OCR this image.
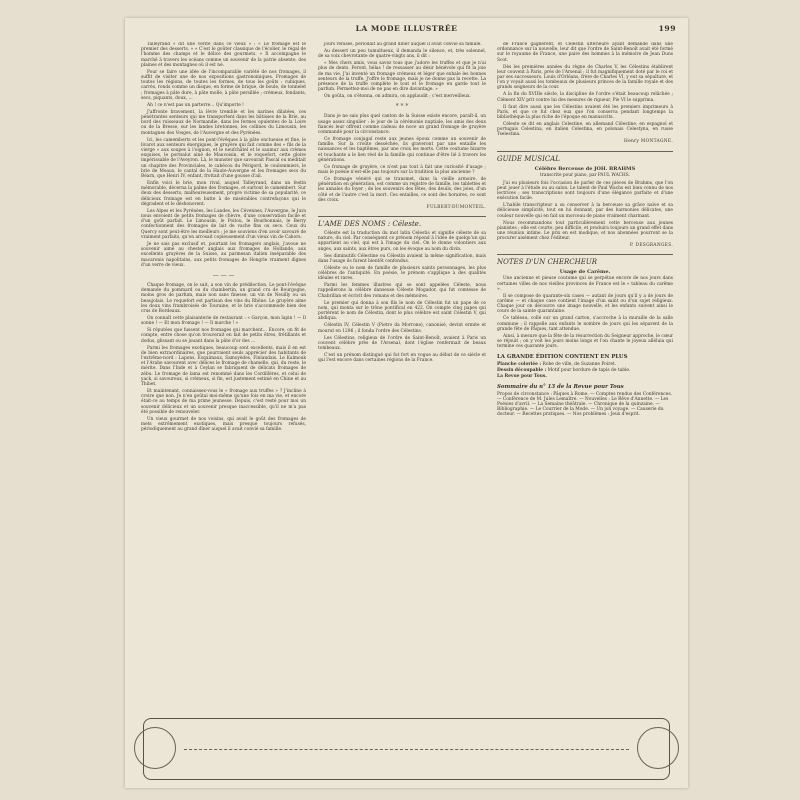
LA MODE ILLUSTRÉE	199

Talleyrand « dit une vérité dans ce vieux » : « Le fromage est le premier des desserts. » « C'est le goûter classique de l'écolier, le régal de l'homme des champs et le délice des gourmets. » Il accompagne le marché à travers les océans comme un souvenir de la patrie absente, des plaines et des montagnes où il est né.

Pour se faire une idée de l'incomparable variété de nos fromages, il suffit de visiter une de nos expositions gastronomiques. Fromages de toutes les régions, de toutes les formes, de tous les goûts : cubiques, carrés, ronds comme un disque, en forme de brique, de boule, de tonnelet ; fromages à pâte dure, à pâte molle, à pâte persillée ; crémeux, fondants, secs, piquants, doux, ...

Ah ! ce n'est pas un parterre… Qu'importe !

J'affronte bravement, la lèvre tremble et les narines dilatées, ces pénétrantes senteurs qui me transportent dans les bâtisses de la Brie, au bord des ruisseaux de Normandie, dans les fermes opulentes de la Loire ou de la Bresse, sur les landes bretonnes, les collines du Limousin, les montagnes des Vosges, de l'Auvergne et des Pyrénées.

Ici, les camemberts et les pont-l'évêques à la pâte onctueuse et fine, le livarot aux senteurs énergiques, le gruyère qui fait comme des « fils de la vierge » aux soupes à l'oignon, et le neufchâtel et le saumur aux crèmes exquises, le portsalut ainé de Mauvoisin, et le roquefort, cette gloire impérissable de l'Aveyron. Là, le munster que savourait Pascal ou méditait un chapitre des Provinciales, le cabécou du Périgord, le coulommiers, le brie de Meaux, le cantal de la Haute-Auvergne et les fromages secs du Béarn, que Henri IV, enfant, frottait d'une gousse d'ail.

Enfin voici le brie, mon rival, auquel Talleyrand, dans un festin mémorable, décerna la palme des fromages, et surtout le camembert. Sur deux des desserts, malheureusement, propre victime de sa popularité, ce délicieux fromage est en butte à de misérables contrefaçons qui le dégradent et le déshonorent.

Les Alpes et les Pyrénées, les Landes, les Cévennes, l'Auvergne, le Jura nous envoient de petits fromages de chèvre, d'une conservation facile et d'un goût parfait. Le Limousin, le Poitou, le Bourbonnais, le Berry confectionnent des fromages de lait de vache fins ou secs. Ceux du Quercy sont peut-être les meilleurs ; je me souviens d'en avoir savouré de vraiment parfaits, qu'on arrosait copieusement d'un vieux vin de Cahors.

Je ne sais pas exclusif et, pourtant les fromagers anglais, j'avoue ne souvenir aimé au chester anglais aux fromages de Hollande, aux excellents gruyères de la Suisse, au parmesan italien inséparable des macaronis napolitains, aux petits fromages de Hongrie vraiment dignes d'un verre de vieux.

— — —

Chaque fromage, on le sait, a son vin de prédilection. Le pont-l'évêque demande du pommard ou du chambertin, un grand cru de Bourgogne, moins gros de parfum, mais non sans finesse, un vin de Neuilly ou un beaujolais. Le roquefort est partisan des vins du Rhône. Le gruyère aime les doux vins frambroisés de Touraine, et le brie s'accommode bien des crus de Bordeaux.

On connaît cette plaisanterie de restaurant : « Garçon, mon lapin ! — Il sonne ! — Et mon fromage ! — Il marche ! »

Si réputées que fussent nos fromages qui marchent… Encore, on fit de compte, entre chose qu'on trouverait en fait de petits êtres, frétillants et dodus, glissant ou se jouant dans la pâte d'or des ...

Parmi les fromages exotiques, beaucoup sont excellents, mais il en est de bien extraordinaires, que pourraient seuls apprécier des habitants de l'extrême-nord : Lapons, Esquimaux, Samoyèdes, Finlandais. Le Kalmouk et l'Arabe savourent avec délices le fromage de chamelle, qui, du reste, le mérite. Dans l'Inde et à Ceylan se fabriquent de délicats fromages de zébu. Le fromage de lama est renommé dans les Cordillères, et celui de yack, si savoureux, si crémeux, si fin, est justement estimé en Chine et au Thibet.

Et maintenant, connaissez-vous le « fromage aux truffes » ? J'incline à croire que non. Je n'en goûtai moi-même qu'une fois en ma vie, et encore était-ce au temps de ma prime jeunesse. Depuis, c'est resté pour moi un souvenir délicieux et un souvenir presque inaccessible, qu'il ne m'a pas été possible de renouveler.

Un vieux gourmet de nos voisins, qui avait le goût des fromages de mets extrêmement exotiques, mais presque toujours refusés, périodiquement au grand dîner auquel il avait convié sa famille.

jours refusés, périodait au grand dîner auquel il avait convié sa famille.

Au dessert un peu tumultueux, il demanda le silence, et, très solennel, de sa voix chevrotante de quatre-vingts ans, il dit :

« Mes chers amis, vous savez tous que j'adore les truffes et que je n'ai plus de dents. Feront, hélas ! de ressasser au désir bénévole qui fit la joie de ma vie. J'ai inventé un fromage crémeux et léger que exhale les bonnes senteurs de la truffe. J'offre le fromage, mais je ne donne pas la recette. La présence de la truffe complète le tout et le fromage en garde tout le parfum. Permettez-moi de ne pas en dire davantage. »

On goûta, on s'étonna, on admira, on applaudit ; c'est merveilleux.

* * *

Dans je ne sais plus quel canton de la Suisse existe encore, paraît-il, un usage assez singulier : le jour de la cérémonie nuptiale, les amis des deux fiancés leur offrent comme cadeau de noce un grand fromage de gruyère commandé pour la circonstance.

Ce fromage conjugal reste aux jeunes époux comme un souvenir de famille. Sur la croûte desséchée, ils graveront par une entaille les naissances et les baptêmes, par une croix les morts. Cette coutume bizarre et touchante a le lien réel de la famille qui continue d'être lié à travers les générations.

Ce fromage de gruyère, ce n'est pas tout à fait une curiosité d'usage ; mais le poésie n'est-elle pas toujours sur la tradition la plus ancienne ?

Ce fromage vénéré qui se transmet, dans la vieille armoire, de génération en génération, est comme un registre de famille, les tablettes et les annales du foyer ; de les souvenirs des fêtes, des deuils, des joies, d'un côté et de l'autre c'est la mort. Ces entailles, ce sont des horaires, ce sont des croix.

FULBERT-DUMONTEIL.
L'AME DES NOMS : Céleste.

Céleste est la traduction du mot latin Celestis et signifie céleste de sa nature, du ciel. Par conséquent ce prénom répond à l'idée de quelqu'un qui appartient au ciel, qui est à l'image du ciel. On le donne volontiers aux anges, aux saints, aux êtres purs, on les évoque au nom du divin.

Ses diminutifs Célestine ou Célestin avaient la même signification, mais dans l'usage ils furent bientôt confondus.

Céleste ou le nom de famille de plusieurs saints personnages, les plus célèbres de l'antiquité. En poésie, le prénom s'applique à des qualités idéales et rares.

Parmi les femmes illustres qui se sont appelées Céleste, nous rappellerons la célèbre danseuse Céleste Mogador, qui fut comtesse de Chabrillan et écrivit des romans et des mémoires.

Le premier qui donna à son fils le nom de Célestin fut un pape de ce nom, qui monta sur le trône pontifical en 422. On compte cinq papes qui portèrent le nom de Célestin, dont le plus célèbre est saint Célestin V, qui abdiqua.

Célestin IV, Célestin V (Pietro da Morrone), canonisé, devint ermite et mourut en 1296 ; il fonda l'ordre des Célestins.

Les Célestins, religieux de l'ordre de Saint-Benoît, avaient à Paris un couvent célèbre près de l'Arsenal, dont l'église renfermait de beaux tombeaux.

C'est un prénom distingué qui fut fort en vogue au début de ce siècle et qui l'est encore dans certaines régions de la France.

de France gagnèrent, et Célestin ultérieure ayant demandé dans une ordonnance sur la nouvelle, leur dit que l'ordre de Saint-Benoît avait été formé sur le royaume de France, une paire des hommes à la mémoire de Jean Duns Scot.

Dès les premières années du règne de Charles V, les Célestins établirent leur couvent à Paris, près de l'Arsenal ; il fut magnifiquement doté par le roi et par ses successeurs. Louis d'Orléans, frère de Charles VI, y eut sa sépulture, et l'on y voyait aussi les tombeaux de plusieurs princes de la famille royale et des grands seigneurs de la cour.

A la fin du XVIIIe siècle, la discipline de l'ordre s'était beaucoup relâchée ; Clément XIV prit contre lui des mesures de rigueur, Pie VI le supprima.

Il faut dire aussi que les Célestins avaient été les premiers imprimeurs à Paris, et que ce fut chez eux que l'on conserva pendant longtemps la bibliothèque la plus riche de l'époque en manuscrits.

Céleste se dit en anglais Celestine, en allemand Cölestine, en espagnol et portugais Celestina, en italien Celestina, en polonais Celestyna, en russe Tselestina.

Henry MONTAGNE.
GUIDE MUSICAL
Célèbre Berceuse de JOH. BRAHMS
transcrite pour piano, par PAUL WACHS.

J'ai eu plusieurs fois l'occasion de parler de ces pièces de Brahms, que l'on peut jouer à l'étude ou au salon. Le talent de Paul Wachs est bien connu de nos lectrices ; ses transcriptions sont toujours d'une élégance parfaite et d'une exécution facile.

L'habile transcripteur a su conserver à la berceuse sa grâce naïve et sa délicieuse simplicité, tout en lui donnant, par des harmonies délicates, une couleur nouvelle qui en fait un morceau de piano vraiment charmant.

Nous recommandons tout particulièrement cette berceuse aux jeunes pianistes ; elle est courte, peu difficile, et produira toujours un grand effet dans une réunion intime. Le prix en est modique, et nos abonnées pourront se la procurer aisément chez l'éditeur.

P. DESGRANGES.
NOTES D'UN CHERCHEUR
Usage de Carême.

Une ancienne et pieuse coutume qui se perpétue encore de nos jours dans certaines villes de nos vieilles provinces de France est le « tableau du carême ».

Il se compose de quarante-six cases — autant de jours qu'il y a de jours de carême — et chaque case contient l'image d'un saint ou d'un sujet religieux. Chaque jour on découvre une image nouvelle, et les enfants suivent ainsi le cours de la sainte quarantaine.

Ce tableau, collé sur un grand carton, s'accroche à la muraille de la salle commune ; il rappelle aux enfants le nombre de jours qui les séparent de la grande fête de Pâques, tant attendue.

Ainsi, à mesure que la fête de la résurrection du Seigneur approche, le cœur se réjouit ; on y voit les jours moins longs et l'on chante le joyeux alléluia qui termine ces quarante jours.

LA GRANDE ÉDITION CONTIENT EN PLUS
Planche coloriée : Robe de ville, de Suzanne Poiret.
Dessin découpable : Motif pour bordure de tapis de table.
La Revue pour Tous.
Sommaire du n° 13 de la Revue pour Tous

Propos de circonstance : Pâques à Rome. — Comptes rendus des Conférences. — Conférence de M. Jules Lemaître. — Nouvelles : Le Rêve d'Annette. — Les Poésies d'avril. — La Semaine théâtrale. — Chronique de la quinzaine. — Bibliographie. — Le Courrier de la Mode. — Un joli voyage. — Causerie du docteur. — Recettes pratiques. — Nos problèmes : Jeux d'esprit.
